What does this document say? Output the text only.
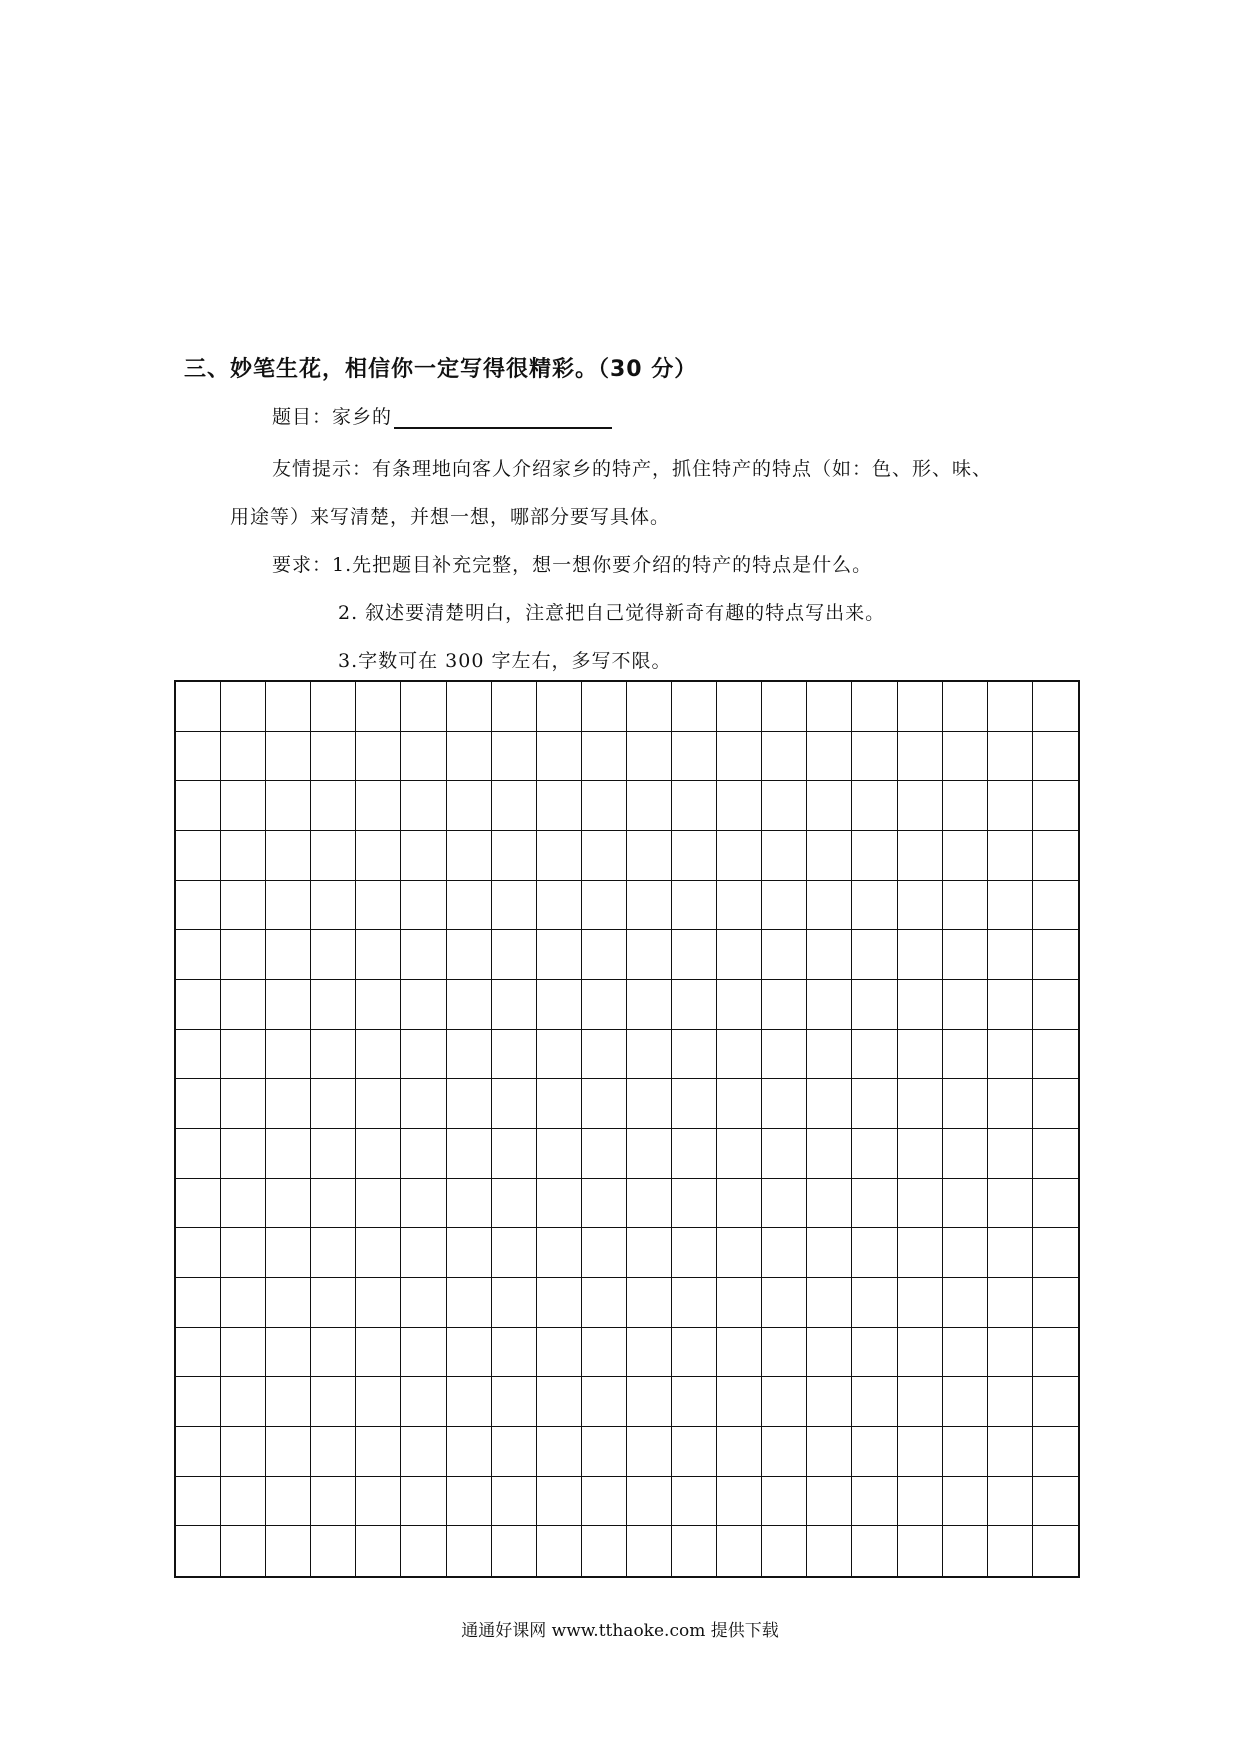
三、妙笔生花，相信你一定写得很精彩。（30 分）
题目：家乡的
友情提示：有条理地向客人介绍家乡的特产，抓住特产的特点（如：色、形、味、
用途等）来写清楚，并想一想，哪部分要写具体。
要求：1.先把题目补充完整，想一想你要介绍的特产的特点是什么。
2. 叙述要清楚明白，注意把自己觉得新奇有趣的特点写出来。
3.字数可在 300 字左右，多写不限。
通通好课网 www.tthaoke.com 提供下载
